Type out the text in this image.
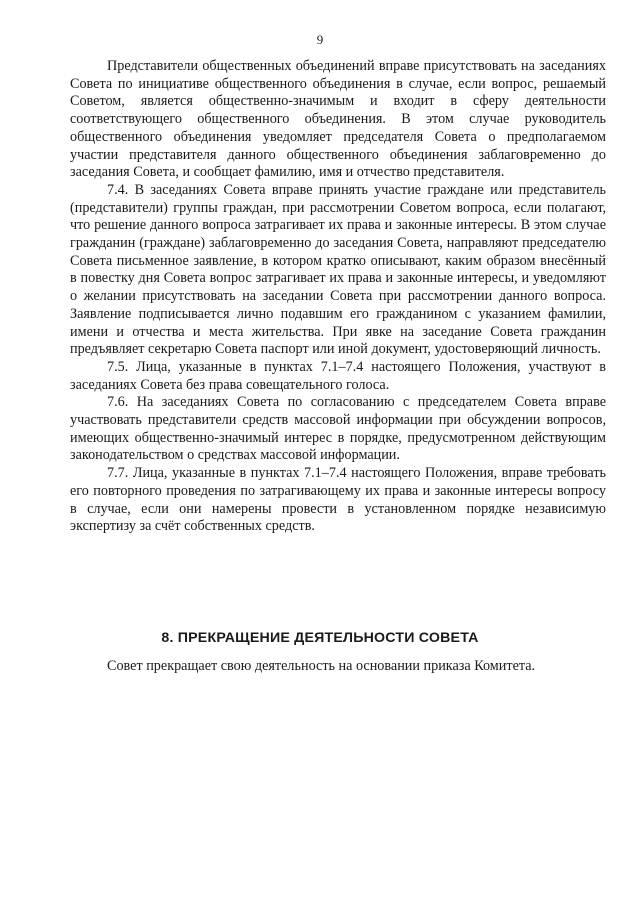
9

Представители общественных объединений вправе присутствовать на заседаниях Совета по инициативе общественного объединения в случае, если вопрос, решаемый Советом, является общественно-значимым и входит в сферу деятельности соответствующего общественного объединения. В этом случае руководитель общественного объединения уведомляет председателя Совета о предполагаемом участии представителя данного общественного объединения заблаговременно до заседания Совета, и сообщает фамилию, имя и отчество представителя.

7.4. В заседаниях Совета вправе принять участие граждане или представитель (представители) группы граждан, при рассмотрении Советом вопроса, если полагают, что решение данного вопроса затрагивает их права и законные интересы. В этом случае гражданин (граждане) заблаговременно до заседания Совета, направляют председателю Совета письменное заявление, в котором кратко описывают, каким образом внесённый в повестку дня Совета вопрос затрагивает их права и законные интересы, и уведомляют о желании присутствовать на заседании Совета при рассмотрении данного вопроса. Заявление подписывается лично подавшим его гражданином с указанием фамилии, имени и отчества и места жительства. При явке на заседание Совета гражданин предъявляет секретарю Совета паспорт или иной документ, удостоверяющий личность.

7.5. Лица, указанные в пунктах 7.1–7.4 настоящего Положения, участвуют в заседаниях Совета без права совещательного голоса.

7.6. На заседаниях Совета по согласованию с председателем Совета вправе участвовать представители средств массовой информации при обсуждении вопросов, имеющих общественно-значимый интерес в порядке, предусмотренном действующим законодательством о средствах массовой информации.

7.7. Лица, указанные в пунктах 7.1–7.4 настоящего Положения, вправе требовать его повторного проведения по затрагивающему их права и законные интересы вопросу в случае, если они намерены провести в установленном порядке независимую экспертизу за счёт собственных средств.

8. ПРЕКРАЩЕНИЕ ДЕЯТЕЛЬНОСТИ СОВЕТА

Совет прекращает свою деятельность на основании приказа Комитета.
